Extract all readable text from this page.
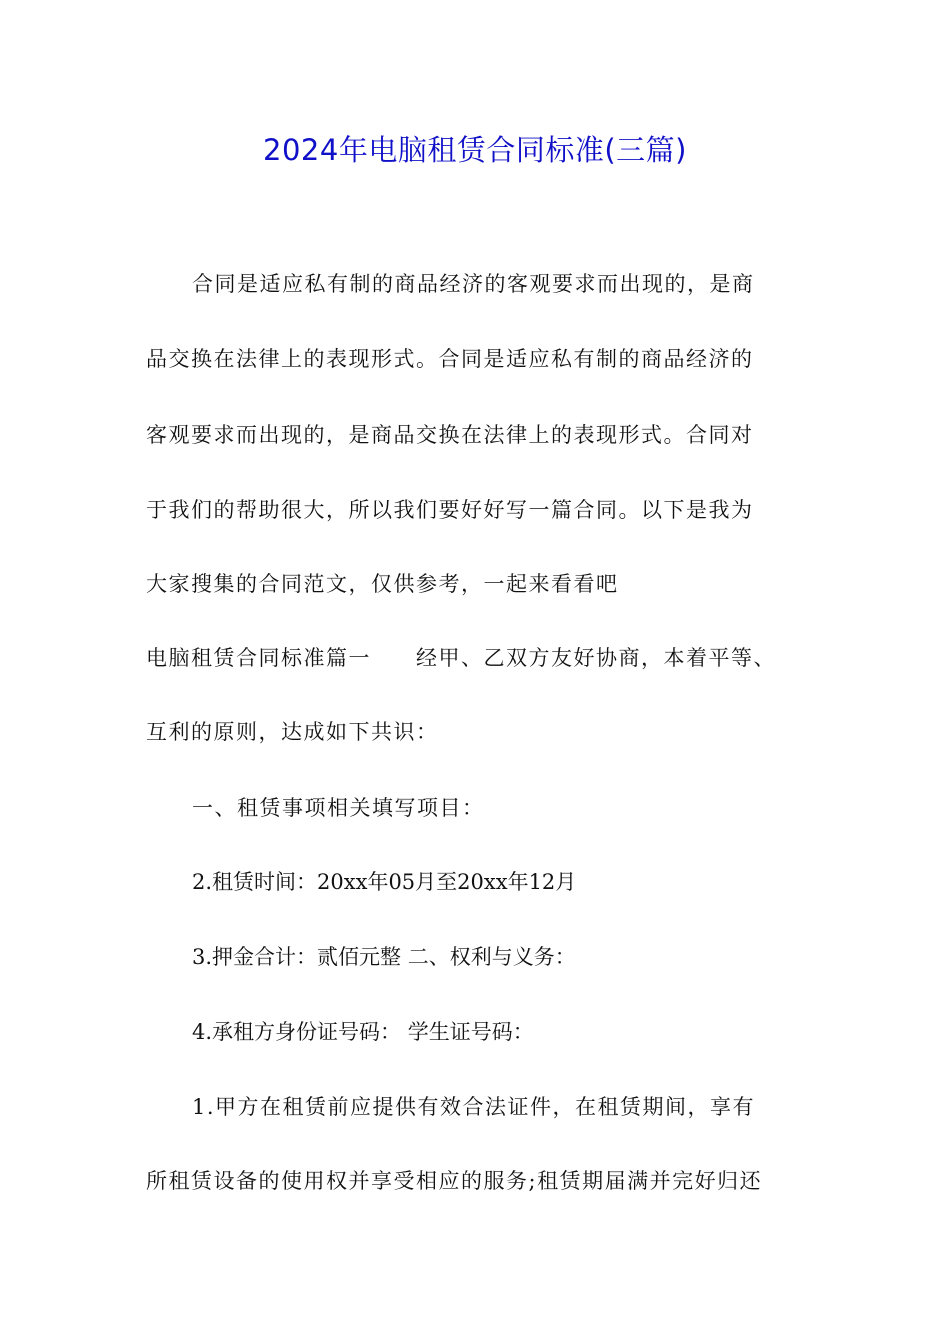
2024年电脑租赁合同标准(三篇)
合同是适应私有制的商品经济的客观要求而出现的，是商
品交换在法律上的表现形式。合同是适应私有制的商品经济的
客观要求而出现的，是商品交换在法律上的表现形式。合同对
于我们的帮助很大，所以我们要好好写一篇合同。以下是我为
大家搜集的合同范文，仅供参考，一起来看看吧
电脑租赁合同标准篇一　　经甲、乙双方友好协商，本着平等、
互利的原则，达成如下共识：
一、租赁事项相关填写项目：
2.租赁时间：20xx年05月至20xx年12月
3.押金合计：贰佰元整 二、权利与义务：
4.承租方身份证号码： 学生证号码：
1.甲方在租赁前应提供有效合法证件，在租赁期间，享有
所租赁设备的使用权并享受相应的服务;租赁期届满并完好归还
